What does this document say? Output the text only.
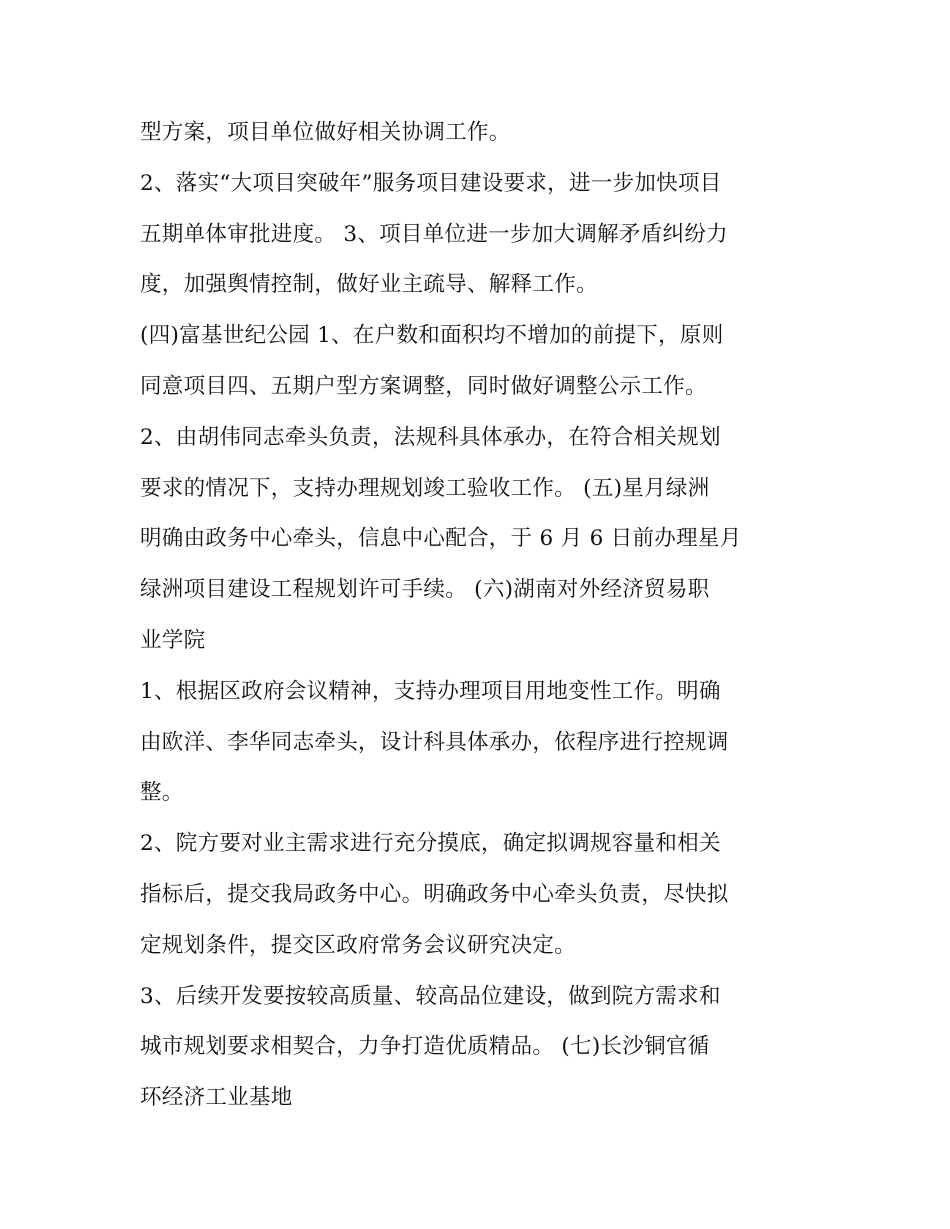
型方案，项目单位做好相关协调工作。
2、落实“大项目突破年”服务项目建设要求，进一步加快项目
五期单体审批进度。 3、项目单位进一步加大调解矛盾纠纷力
度，加强舆情控制，做好业主疏导、解释工作。
(四)富基世纪公园 1、在户数和面积均不增加的前提下，原则
同意项目四、五期户型方案调整，同时做好调整公示工作。
2、由胡伟同志牵头负责，法规科具体承办，在符合相关规划
要求的情况下，支持办理规划竣工验收工作。 (五)星月绿洲
明确由政务中心牵头，信息中心配合，于 6 月 6 日前办理星月
绿洲项目建设工程规划许可手续。 (六)湖南对外经济贸易职
业学院
1、根据区政府会议精神，支持办理项目用地变性工作。明确
由欧洋、李华同志牵头，设计科具体承办，依程序进行控规调
整。
2、院方要对业主需求进行充分摸底，确定拟调规容量和相关
指标后，提交我局政务中心。明确政务中心牵头负责，尽快拟
定规划条件，提交区政府常务会议研究决定。
3、后续开发要按较高质量、较高品位建设，做到院方需求和
城市规划要求相契合，力争打造优质精品。 (七)长沙铜官循
环经济工业基地
